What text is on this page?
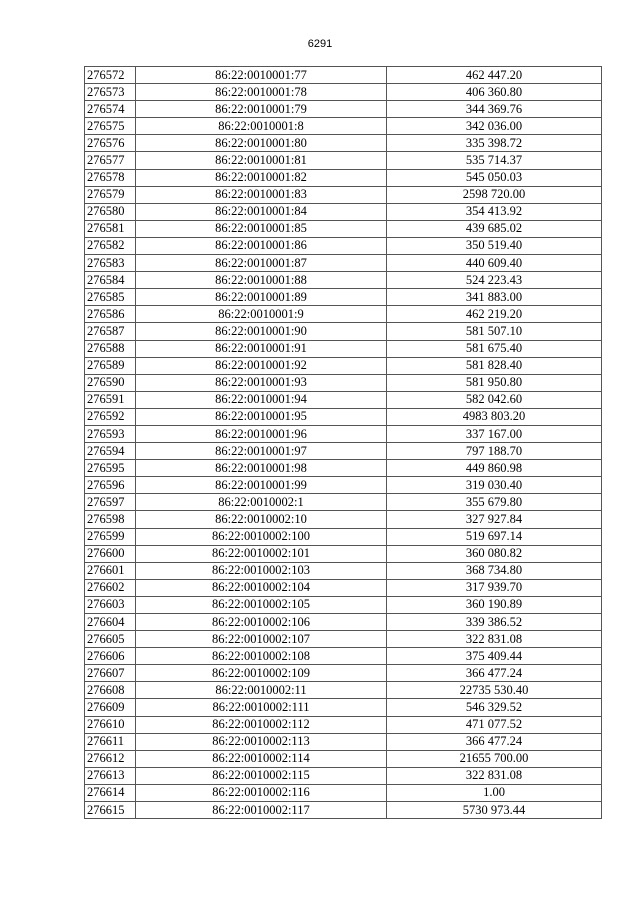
6291
276572	86:22:0010001:77	462 447.20
276573	86:22:0010001:78	406 360.80
276574	86:22:0010001:79	344 369.76
276575	86:22:0010001:8	342 036.00
276576	86:22:0010001:80	335 398.72
276577	86:22:0010001:81	535 714.37
276578	86:22:0010001:82	545 050.03
276579	86:22:0010001:83	2598 720.00
276580	86:22:0010001:84	354 413.92
276581	86:22:0010001:85	439 685.02
276582	86:22:0010001:86	350 519.40
276583	86:22:0010001:87	440 609.40
276584	86:22:0010001:88	524 223.43
276585	86:22:0010001:89	341 883.00
276586	86:22:0010001:9	462 219.20
276587	86:22:0010001:90	581 507.10
276588	86:22:0010001:91	581 675.40
276589	86:22:0010001:92	581 828.40
276590	86:22:0010001:93	581 950.80
276591	86:22:0010001:94	582 042.60
276592	86:22:0010001:95	4983 803.20
276593	86:22:0010001:96	337 167.00
276594	86:22:0010001:97	797 188.70
276595	86:22:0010001:98	449 860.98
276596	86:22:0010001:99	319 030.40
276597	86:22:0010002:1	355 679.80
276598	86:22:0010002:10	327 927.84
276599	86:22:0010002:100	519 697.14
276600	86:22:0010002:101	360 080.82
276601	86:22:0010002:103	368 734.80
276602	86:22:0010002:104	317 939.70
276603	86:22:0010002:105	360 190.89
276604	86:22:0010002:106	339 386.52
276605	86:22:0010002:107	322 831.08
276606	86:22:0010002:108	375 409.44
276607	86:22:0010002:109	366 477.24
276608	86:22:0010002:11	22735 530.40
276609	86:22:0010002:111	546 329.52
276610	86:22:0010002:112	471 077.52
276611	86:22:0010002:113	366 477.24
276612	86:22:0010002:114	21655 700.00
276613	86:22:0010002:115	322 831.08
276614	86:22:0010002:116	1.00
276615	86:22:0010002:117	5730 973.44
